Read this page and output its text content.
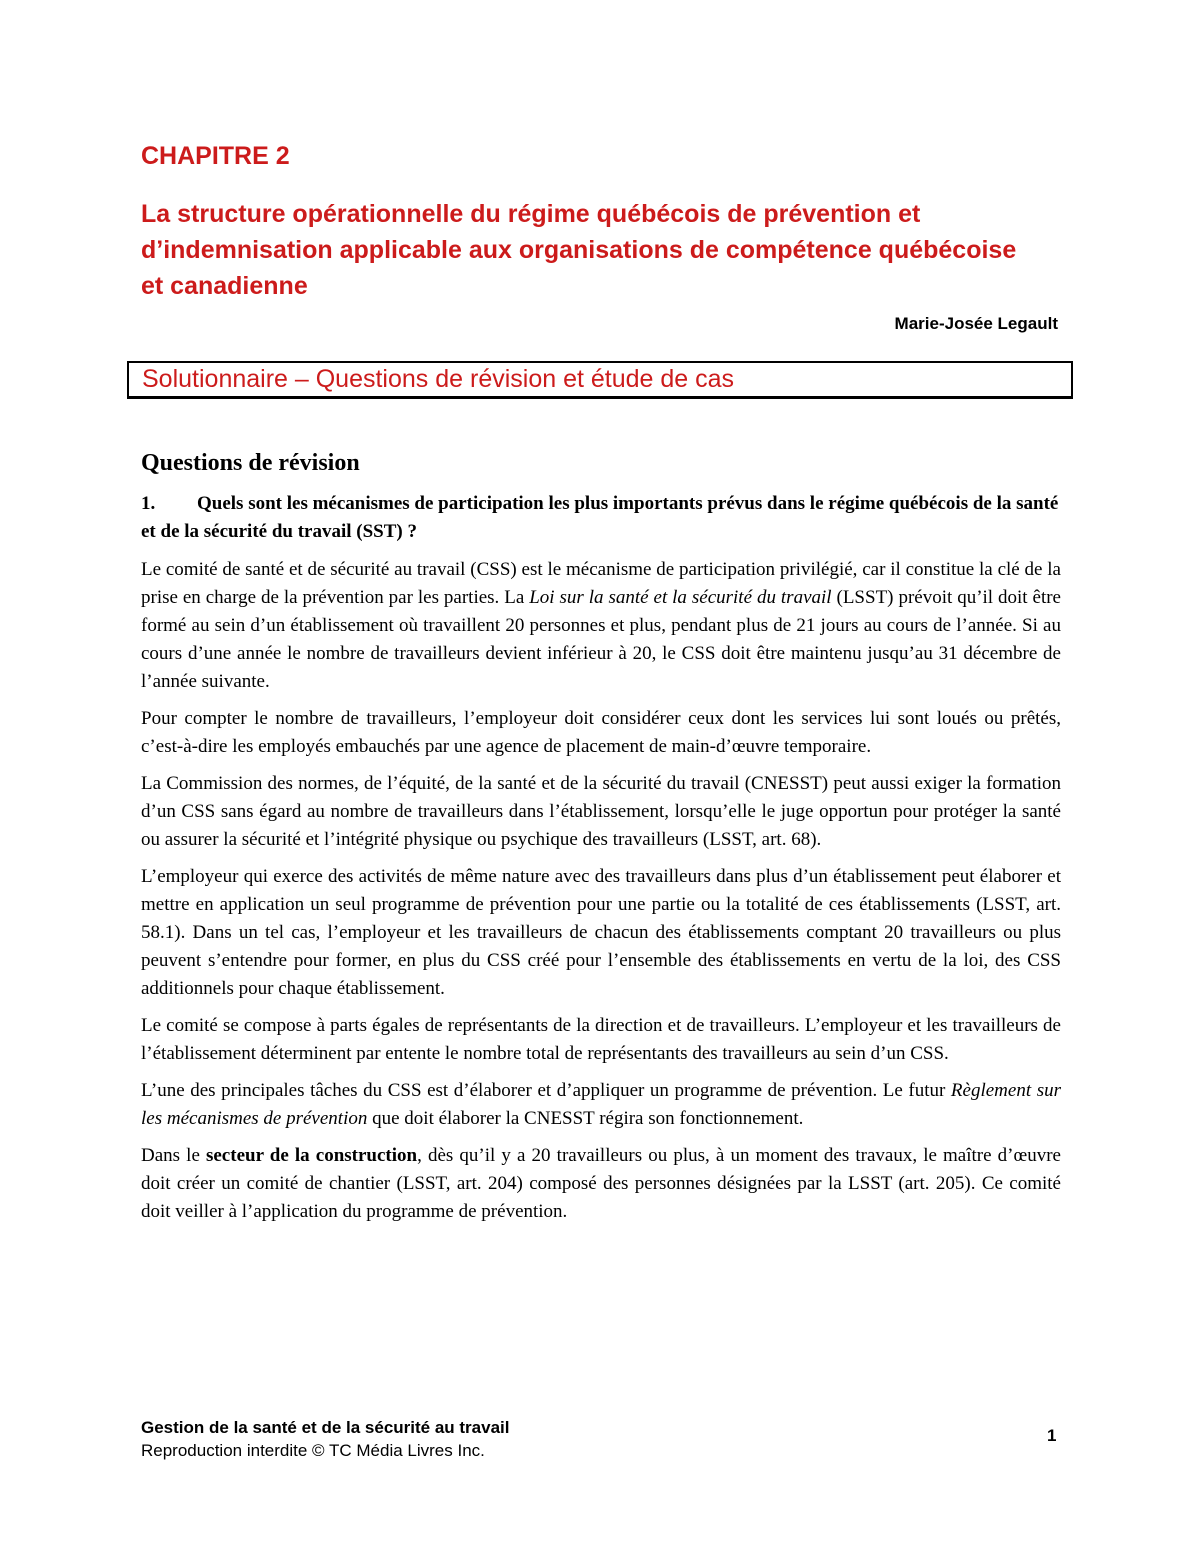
CHAPITRE 2
La structure opérationnelle du régime québécois de prévention et d’indemnisation applicable aux organisations de compétence québécoise et canadienne
Marie-Josée Legault
Solutionnaire – Questions de révision et étude de cas
Questions de révision
1. Quels sont les mécanismes de participation les plus importants prévus dans le régime québécois de la santé et de la sécurité du travail (SST) ?

Le comité de santé et de sécurité au travail (CSS) est le mécanisme de participation privilégié, car il constitue la clé de la prise en charge de la prévention par les parties. La Loi sur la santé et la sécurité du travail (LSST) prévoit qu’il doit être formé au sein d’un établissement où travaillent 20 personnes et plus, pendant plus de 21 jours au cours de l’année. Si au cours d’une année le nombre de travailleurs devient inférieur à 20, le CSS doit être maintenu jusqu’au 31 décembre de l’année suivante.

Pour compter le nombre de travailleurs, l’employeur doit considérer ceux dont les services lui sont loués ou prêtés, c’est-à-dire les employés embauchés par une agence de placement de main-d’œuvre temporaire.

La Commission des normes, de l’équité, de la santé et de la sécurité du travail (CNESST) peut aussi exiger la formation d’un CSS sans égard au nombre de travailleurs dans l’établissement, lorsqu’elle le juge opportun pour protéger la santé ou assurer la sécurité et l’intégrité physique ou psychique des travailleurs (LSST, art. 68).

L’employeur qui exerce des activités de même nature avec des travailleurs dans plus d’un établissement peut élaborer et mettre en application un seul programme de prévention pour une partie ou la totalité de ces établissements (LSST, art. 58.1). Dans un tel cas, l’employeur et les travailleurs de chacun des établissements comptant 20 travailleurs ou plus peuvent s’entendre pour former, en plus du CSS créé pour l’ensemble des établissements en vertu de la loi, des CSS additionnels pour chaque établissement.

Le comité se compose à parts égales de représentants de la direction et de travailleurs. L’employeur et les travailleurs de l’établissement déterminent par entente le nombre total de représentants des travailleurs au sein d’un CSS.

L’une des principales tâches du CSS est d’élaborer et d’appliquer un programme de prévention. Le futur Règlement sur les mécanismes de prévention que doit élaborer la CNESST régira son fonctionnement.

Dans le secteur de la construction, dès qu’il y a 20 travailleurs ou plus, à un moment des travaux, le maître d’œuvre doit créer un comité de chantier (LSST, art. 204) composé des personnes désignées par la LSST (art. 205). Ce comité doit veiller à l’application du programme de prévention.

Gestion de la santé et de la sécurité au travail
Reproduction interdite © TC Média Livres Inc.
1
